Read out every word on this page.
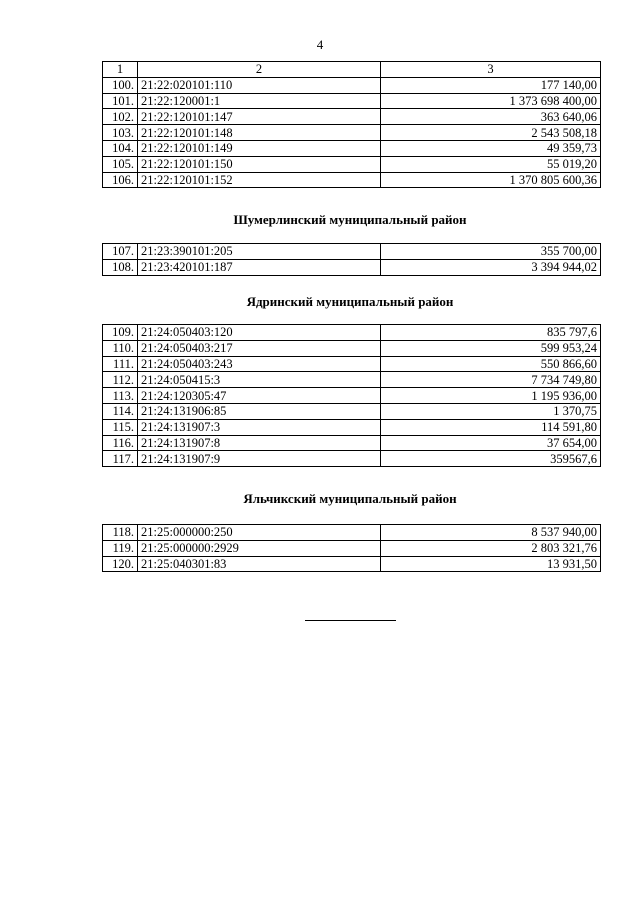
4
1	2	3
100.	21:22:020101:110	177 140,00
101.	21:22:120001:1	1 373 698 400,00
102.	21:22:120101:147	363 640,06
103.	21:22:120101:148	2 543 508,18
104.	21:22:120101:149	49 359,73
105.	21:22:120101:150	55 019,20
106.	21:22:120101:152	1 370 805 600,36
Шумерлинский муниципальный район
107.	21:23:390101:205	355 700,00
108.	21:23:420101:187	3 394 944,02
Ядринский муниципальный район
109.	21:24:050403:120	835 797,6
110.	21:24:050403:217	599 953,24
111.	21:24:050403:243	550 866,60
112.	21:24:050415:3	7 734 749,80
113.	21:24:120305:47	1 195 936,00
114.	21:24:131906:85	1 370,75
115.	21:24:131907:3	114 591,80
116.	21:24:131907:8	37 654,00
117.	21:24:131907:9	359567,6
Яльчикский муниципальный район
118.	21:25:000000:250	8 537 940,00
119.	21:25:000000:2929	2 803 321,76
120.	21:25:040301:83	13 931,50
